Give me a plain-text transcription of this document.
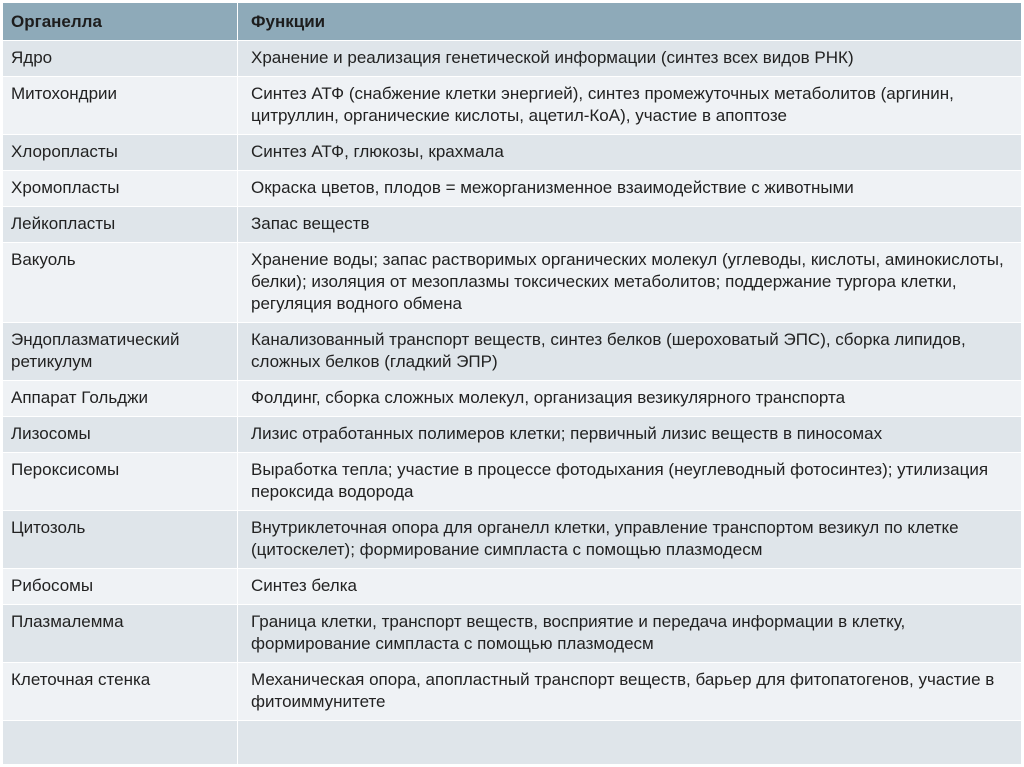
Органелла	Функции
Ядро	Хранение и реализация генетической информации (синтез всех видов РНК)
Митохондрии	Синтез АТФ (снабжение клетки энергией), синтез промежуточных метаболитов (аргинин, цитруллин, органические кислоты, ацетил-КоА), участие в апоптозе
Хлоропласты	Синтез АТФ, глюкозы, крахмала
Хромопласты	Окраска цветов, плодов = межорганизменное взаимодействие с животными
Лейкопласты	Запас веществ
Вакуоль	Хранение воды; запас растворимых органических молекул (углеводы, кислоты, аминокислоты, белки); изоляция от мезоплазмы токсических метаболитов; поддержание тургора клетки, регуляция водного обмена
Эндоплазматический ретикулум	Канализованный транспорт веществ, синтез белков (шероховатый ЭПС), сборка липидов, сложных белков (гладкий ЭПР)
Аппарат Гольджи	Фолдинг, сборка сложных молекул, организация везикулярного транспорта
Лизосомы	Лизис отработанных полимеров клетки; первичный лизис веществ в пиносомах
Пероксисомы	Выработка тепла; участие в процессе фотодыхания (неуглеводный фотосинтез); утилизация пероксида водорода
Цитозоль	Внутриклеточная опора для органелл клетки, управление транспортом везикул по клетке (цитоскелет); формирование симпласта с помощью плазмодесм
Рибосомы	Синтез белка
Плазмалемма	Граница клетки, транспорт веществ, восприятие и передача информации в клетку, формирование симпласта с помощью плазмодесм
Клеточная стенка	Механическая опора, апопластный транспорт веществ, барьер для фитопатогенов, участие в фитоиммунитете
